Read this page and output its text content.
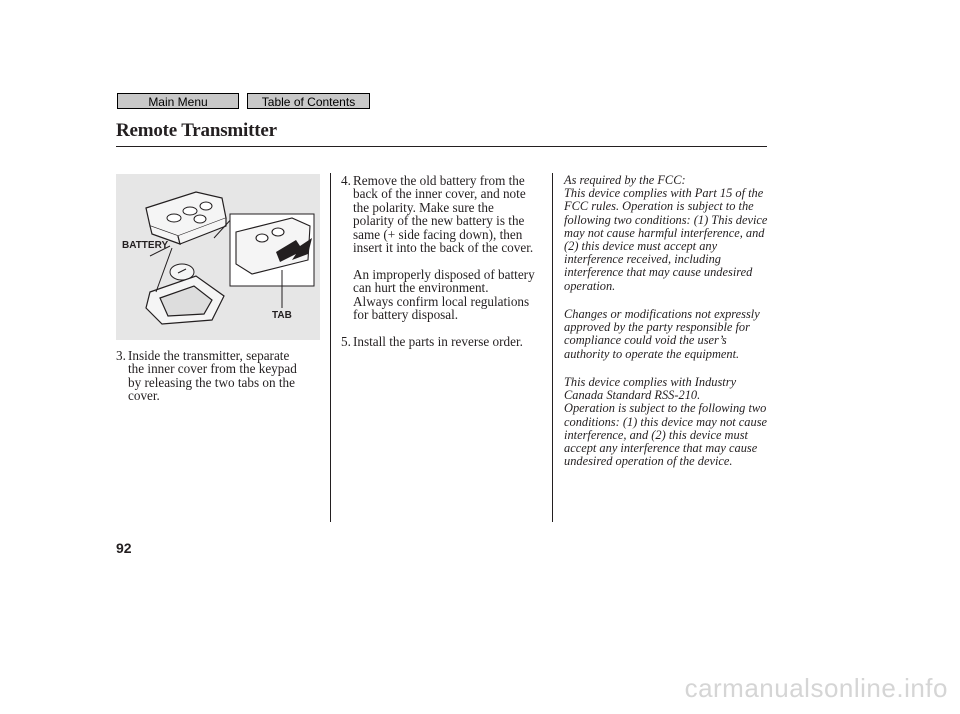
Main Menu	Table of Contents
Remote Transmitter
BATTERY
TAB
3. Inside the transmitter, separate
the inner cover from the keypad
by releasing the two tabs on the
cover.
4. Remove the old battery from the
back of the inner cover, and note
the polarity. Make sure the
polarity of the new battery is the
same (+ side facing down), then
insert it into the back of the cover.
An improperly disposed of battery
can hurt the environment.
Always confirm local regulations
for battery disposal.
5. Install the parts in reverse order.
As required by the FCC:
This device complies with Part 15 of the
FCC rules. Operation is subject to the
following two conditions: (1) This device
may not cause harmful interference, and
(2) this device must accept any
interference received, including
interference that may cause undesired
operation.
Changes or modifications not expressly
approved by the party responsible for
compliance could void the user’s
authority to operate the equipment.
This device complies with Industry
Canada Standard RSS-210.
Operation is subject to the following two
conditions: (1) this device may not cause
interference, and (2) this device must
accept any interference that may cause
undesired operation of the device.
92
carmanualsonline.info
